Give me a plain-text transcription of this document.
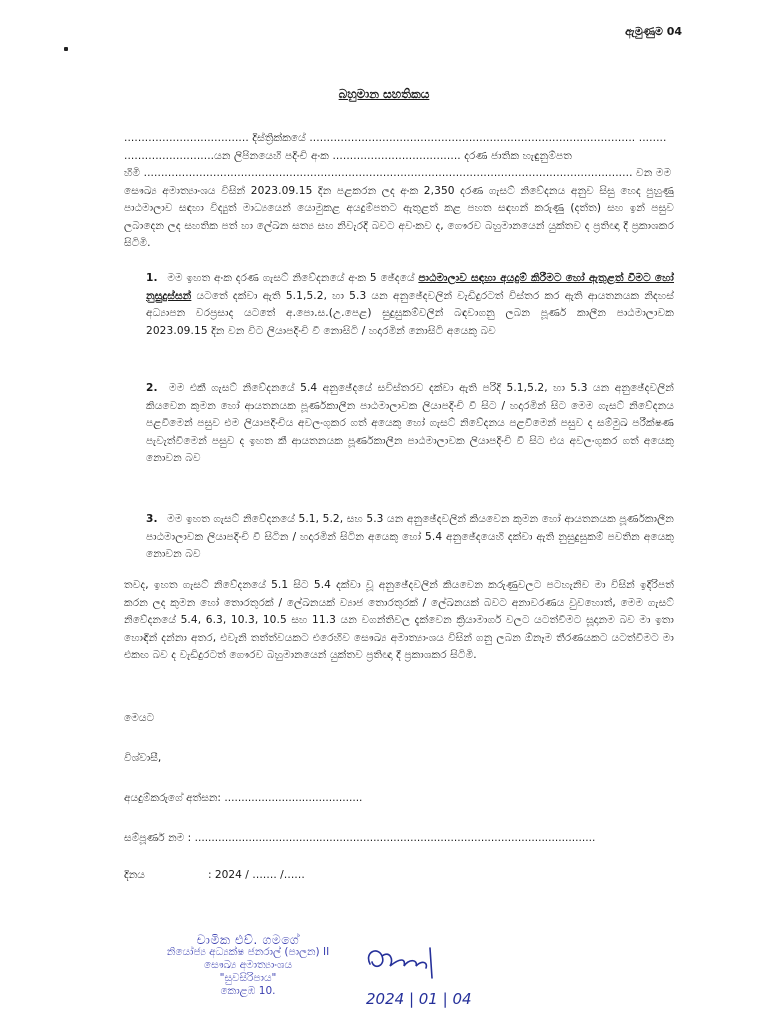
ඇමුණුම 04
බහුමාන සහතිකය
.................................... දිස්ත්‍රික්කයේ .............................................................................................. ........
..........................යන ලිපිනයෙහි පදිංචි අංක ..................................... දරණ ජාතික හැඳුනුම්පත
හිමි ............................................................................................................................................. වන මම
සෞඛ්‍ය අමාත්‍යාංශය විසින් 2023.09.15 දින පළකරන ලද අංක 2,350 දරණ ගැසට් නිවේදනය අනුව සිසු හෙද පුහුණු පාඨමාලාව සඳහා විද්‍යුත් මාධ්‍යයෙන් යොමුකළ අයදුම්පතට ඇතුළත් කළ පහත සඳහන් කරුණු (දත්ත) සහ ඉන් පසුව ලබාදෙන ලද සහතික පත් හා ලේඛන සත්‍ය සහ නිවැරදි බවට අවංකව ද, ගෞරව බහුමානයෙන් යුක්තව ද ප්‍රතිඥා දී ප්‍රකාශකර සිටිමි.
1. මම ඉහත අංක දරණ ගැසට් නිවේදනයේ අංක 5 ඡේදයේ පාඨමාලාව සඳහා අයදුම් කිරීමට හෝ ඇතුළත් වීමට හෝ නුසුදුස්සන් යටතේ දක්වා ඇති 5.1,5.2, හා 5.3 යන අනුඡේදවලින් වැඩිදුරටත් විස්තර කර ඇති ආයතනයක නිදහස් අධ්‍යාපන වරප්‍රසාද යටතේ අ.පො.ස.(උ.පෙළ) සුදුසුකම්වලින් බඳවාගනු ලබන පූර්ණ කාලීන පාඨමාලාවක 2023.09.15 දින වන විට ලියාපදිංචි වී නොසිටි / හදාරමින් නොසිටි අයෙකු බව
2. මම එකී ගැසට් නිවේදනයේ 5.4 අනුඡේදයේ සවිස්තරව දක්වා ඇති පරිදි 5.1,5.2, හා 5.3 යන අනුඡේදවලින් කියවෙන කුමන හෝ ආයතනයක පූර්ණකාලීන පාඨමාලාවක ලියාපදිංචි වී සිට / හදාරමින් සිට මෙම ගැසට් නිවේදනය පළවීමෙන් පසුව එම ලියාපදිංචිය අවලංගුකර ගත් අයෙකු හෝ ගැසට් නිවේදනය පළවීමෙන් පසුව ද සම්මුඛ පරීක්ෂණ පැවැත්වීමෙන් පසුව ද ඉහත කී ආයතනයක පූර්ණකාලීන පාඨමාලාවක ලියාපදිංචි වී සිට එය අවලංගුකර ගත් අයෙකු නොවන බව
3. මම ඉහත ගැසට් නිවේදනයේ 5.1, 5.2, සහ 5.3 යන අනුඡේදවලින් කියවෙන කුමන හෝ ආයතනයක පූර්ණකාලීන පාඨමාලාවක ලියාපදිංචි වී සිටින / හදාරමින් සිටින අයෙකු හෝ 5.4 අනුඡේදයෙහි දක්වා ඇති නුසුදුසුකම් පවතින අයෙකු නොවන බව
තවද, ඉහත ගැසට් නිවේදනයේ 5.1 සිට 5.4 දක්වා වූ අනුඡේදවලින් කියවෙන කරුණුවලට පටහැනිව මා විසින් ඉදිරිපත් කරන ලද කුමන හෝ තොරතුරක් / ලේඛනයක් ව්‍යාජ තොරතුරක් / ලේඛනයක් බවට අනාවරණය වුවහොත්, මෙම ගැසට් නිවේදනයේ 5.4, 6.3, 10.3, 10.5 සහ 11.3 යන වගන්තිවල දැක්වෙන ක්‍රියාමාර්ග වලට යටත්වීමට සූදානම බව මා ඉතා හොඳින් දන්නා අතර, එවැනි තත්ත්වයකට එරෙහිව සෞඛ්‍ය අමාත්‍යාංශය විසින් ගනු ලබන ඕනෑම තීරණයකට යටත්වීමට මා එකඟ බව ද වැඩිදුරටත් ගෞරව බහුමානයෙන් යුක්තව ප්‍රතිඥා දී ප්‍රකාශකර සිටිමි.
මෙයට
විශ්වාසී,
අයදුම්කරුගේ අත්සන: .........................................
සම්පූර්ණ නම : .......................................................................................................................
දිනය	: 2024 / ……. /……
චාමික එච්. ගමගේ
නියෝජ්‍ය අධ්‍යක්ෂ ජනරාල් (පාලන) II
සෞඛ්‍ය අමාත්‍යාංශය
"සුවසිරිපාය"
කොළඹ 10.	2024 | 01 | 04
